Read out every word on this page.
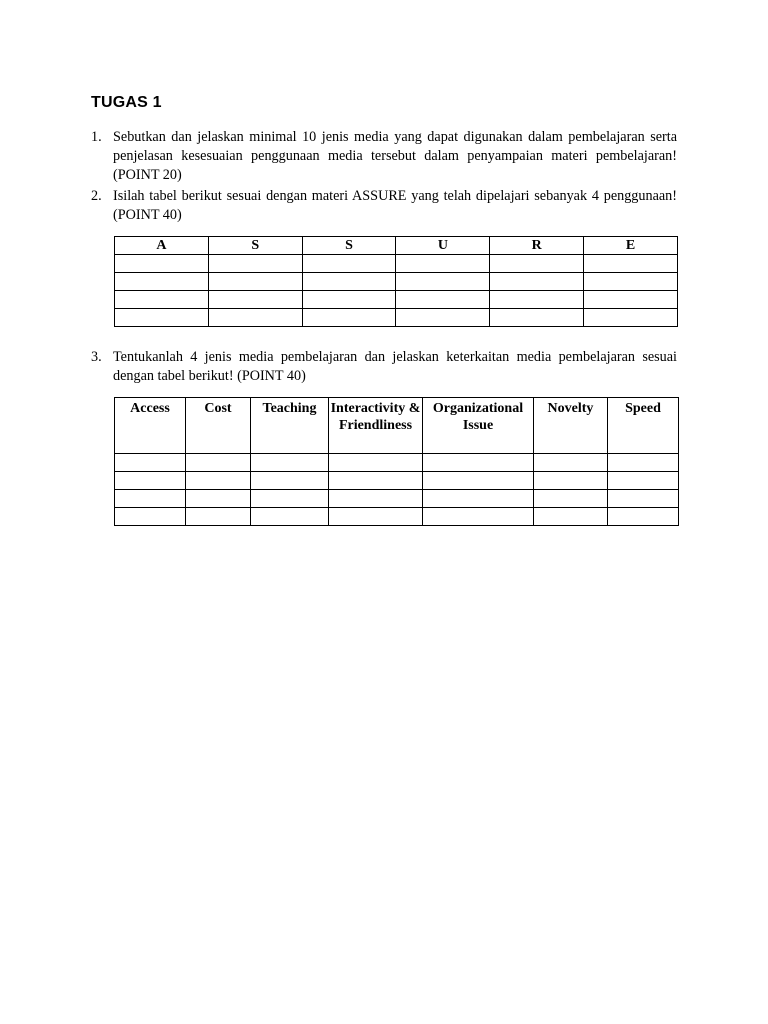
TUGAS 1
1. Sebutkan dan jelaskan minimal 10 jenis media yang dapat digunakan dalam pembelajaran serta penjelasan kesesuaian penggunaan media tersebut dalam penyampaian materi pembelajaran! (POINT 20)
2. Isilah tabel berikut sesuai dengan materi ASSURE yang telah dipelajari sebanyak 4 penggunaan! (POINT 40)
A	S	S	U	R	E

3. Tentukanlah 4 jenis media pembelajaran dan jelaskan keterkaitan media pembelajaran sesuai dengan tabel berikut! (POINT 40)
Access	Cost	Teaching	Interactivity & Friendliness	Organizational Issue	Novelty	Speed
